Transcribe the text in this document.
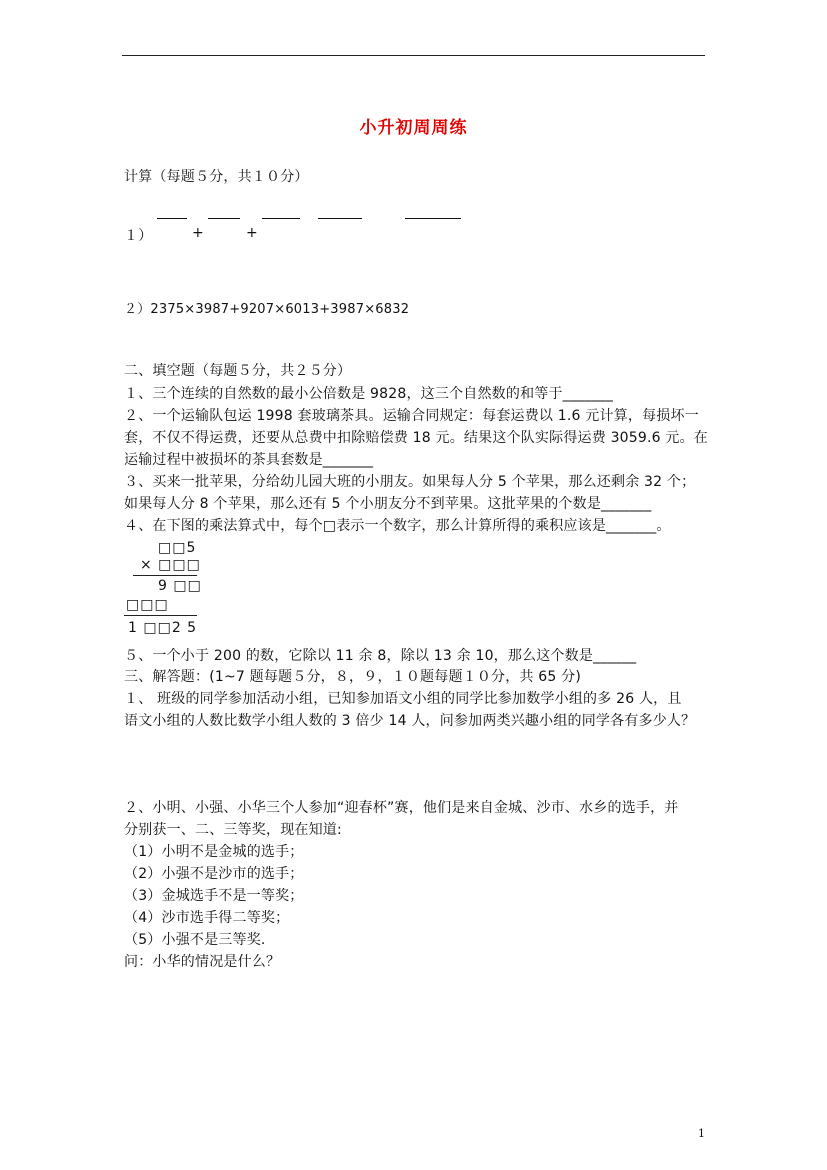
小升初周周练
计算（每题５分，共１０分）
１）	+	+
２）2375×3987+9207×6013+3987×6832
二、填空题（每题５分，共２５分）
１、三个连续的自然数的最小公倍数是 9828，这三个自然数的和等于_______
２、一个运输队包运 1998 套玻璃茶具。运输合同规定：每套运费以 1.6 元计算，每损坏一
套，不仅不得运费，还要从总费中扣除赔偿费 18 元。结果这个队实际得运费 3059.6 元。在
运输过程中被损坏的茶具套数是_______
３、买来一批苹果，分给幼儿园大班的小朋友。如果每人分 5 个苹果，那么还剩余 32 个；
如果每人分 8 个苹果，那么还有 5 个小朋友分不到苹果。这批苹果的个数是_______
４、在下图的乘法算式中，每个□表示一个数字，那么计算所得的乘积应该是_______。
□□5
× □□□
9 □□
□□□
1 □□2 5
５、一个小于 200 的数，它除以 11 余 8，除以 13 余 10，那么这个数是______
三、解答题：(1~7 题每题５分，８，９，１０题每题１０分，共 65 分)
１、 班级的同学参加活动小组，已知参加语文小组的同学比参加数学小组的多 26 人，且
语文小组的人数比数学小组人数的 3 倍少 14 人，问参加两类兴趣小组的同学各有多少人？
２、小明、小强、小华三个人参加“迎春杯”赛，他们是来自金城、沙市、水乡的选手，并
分别获一、二、三等奖，现在知道:
（1）小明不是金城的选手；
（2）小强不是沙市的选手；
（3）金城选手不是一等奖；
（4）沙市选手得二等奖；
（5）小强不是三等奖.
问：小华的情况是什么？
1
